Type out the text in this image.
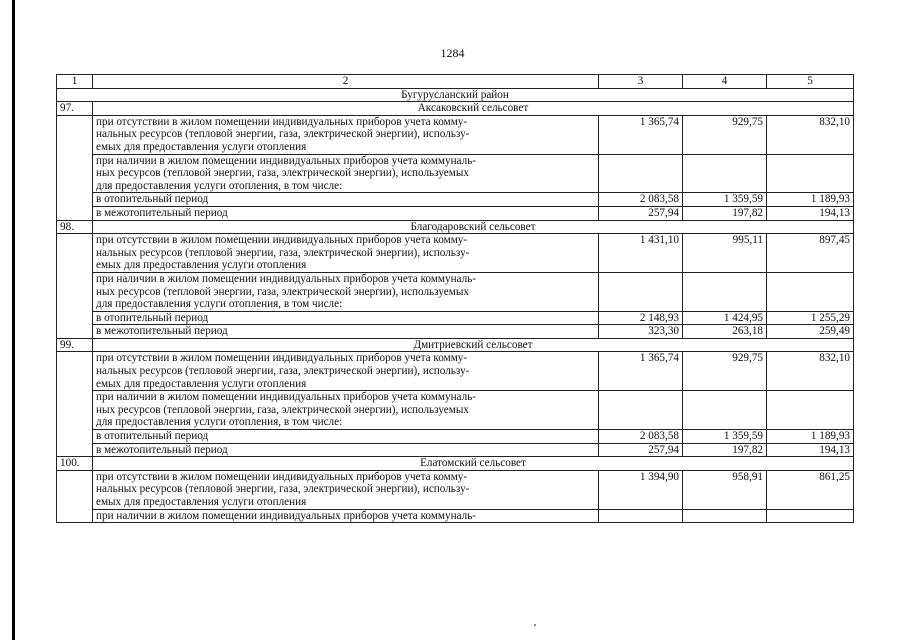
1284
1	2	3	4	5
Бугурусланский район				
97.	Аксаковский сельсовет			

	при отсутствии в жилом помещении индивидуальных приборов учета комму-
нальных ресурсов (тепловой энергии, газа, электрической энергии), использу-
емых для предоставления услуги отопления	1 365,74	929,75	832,10

	при наличии в жилом помещении индивидуальных приборов учета коммуналь-
ных ресурсов (тепловой энергии, газа, электрической энергии), используемых
для предоставления услуги отопления, в том числе:			

	в отопительный период	2 083,58	1 359,59	1 189,93
	в межотопительный период	257,94	197,82	194,13
98.	Благодаровский сельсовет			

	при отсутствии в жилом помещении индивидуальных приборов учета комму-
нальных ресурсов (тепловой энергии, газа, электрической энергии), использу-
емых для предоставления услуги отопления	1 431,10	995,11	897,45

	при наличии в жилом помещении индивидуальных приборов учета коммуналь-
ных ресурсов (тепловой энергии, газа, электрической энергии), используемых
для предоставления услуги отопления, в том числе:			

	в отопительный период	2 148,93	1 424,95	1 255,29
	в межотопительный период	323,30	263,18	259,49
99.	Дмитриевский сельсовет			

	при отсутствии в жилом помещении индивидуальных приборов учета комму-
нальных ресурсов (тепловой энергии, газа, электрической энергии), использу-
емых для предоставления услуги отопления	1 365,74	929,75	832,10

	при наличии в жилом помещении индивидуальных приборов учета коммуналь-
ных ресурсов (тепловой энергии, газа, электрической энергии), используемых
для предоставления услуги отопления, в том числе:			

	в отопительный период	2 083,58	1 359,59	1 189,93
	в межотопительный период	257,94	197,82	194,13
100.	Елатомский сельсовет			

	при отсутствии в жилом помещении индивидуальных приборов учета комму-
нальных ресурсов (тепловой энергии, газа, электрической энергии), использу-
емых для предоставления услуги отопления	1 394,90	958,91	861,25
	при наличии в жилом помещении индивидуальных приборов учета коммуналь-			
